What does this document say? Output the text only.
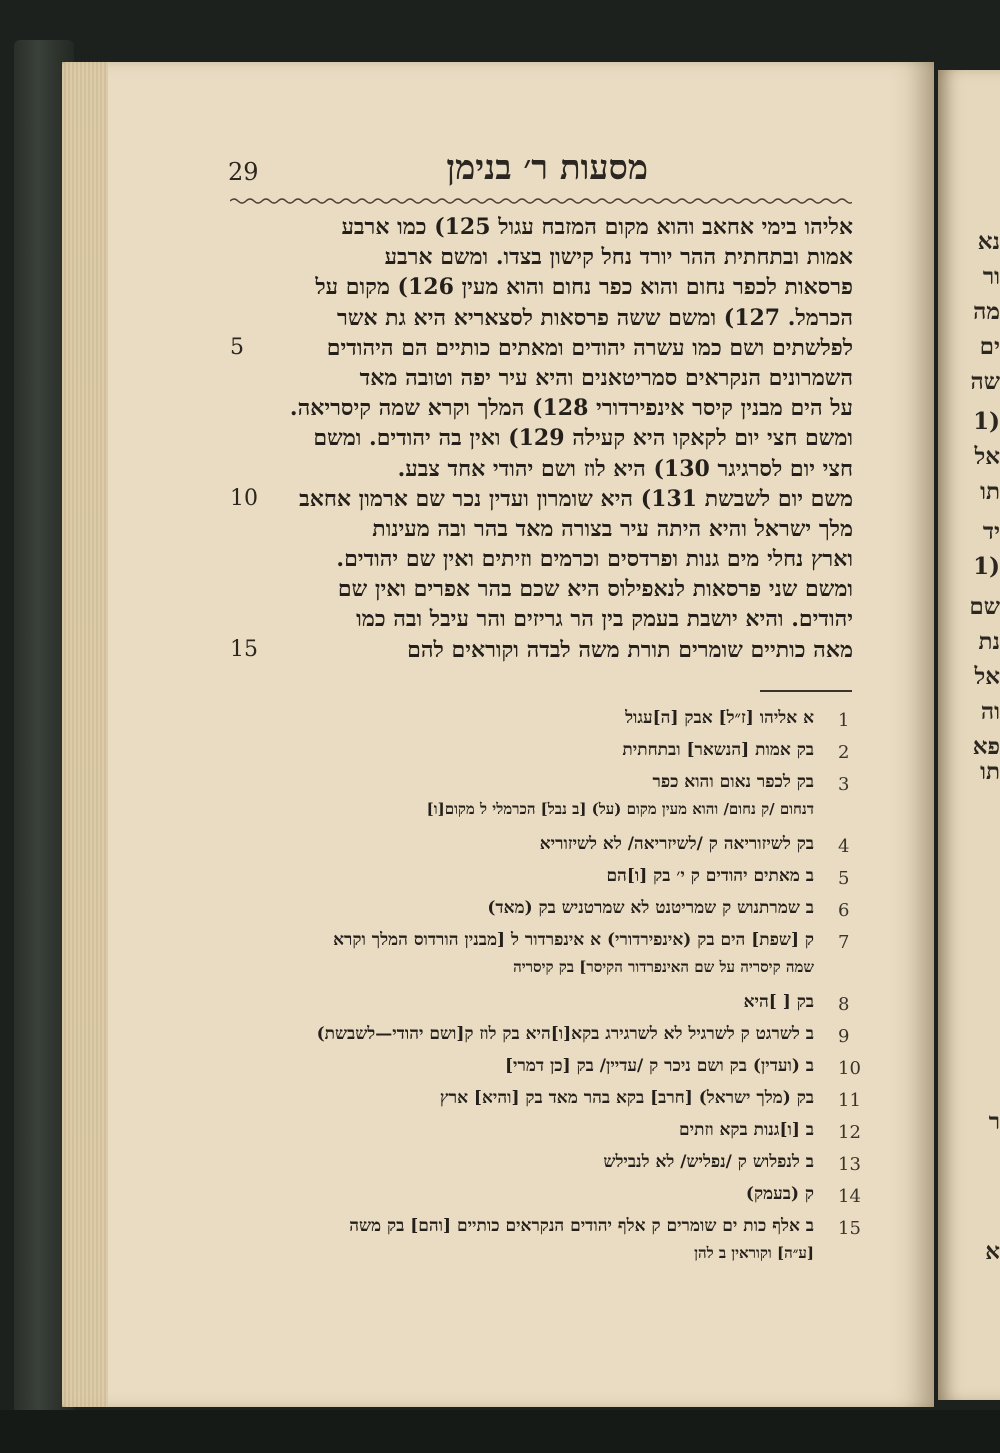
נא
ור
מה
ים
שה
(1
אל
תו
יד
(1
שם
נת
אל
וה
פא
תו
ר
א
29	מסעות ר׳ בנימן
אליהו בימי אחאב והוא מקום המזבח עגול 125) כמו ארבע
אמות ובתחתית ההר יורד נחל קישון בצדו. ומשם ארבע
פרסאות לכפר נחום והוא כפר נחום והוא מעין 126) מקום על
הכרמל. 127) ומשם ששה פרסאות לסצאריא היא גת אשר
לפלשתים ושם כמו עשרה יהודים ומאתים כותיים הם היהודים
השמרונים הנקראים סמריטאנים והיא עיר יפה וטובה מאד
על הים מבנין קיסר אינפירדורי 128) המלך וקרא שמה קיסריאה.
ומשם חצי יום לקאקו היא קעילה 129) ואין בה יהודים. ומשם
חצי יום לסרגיגר 130) היא לוז ושם יהודי אחד צבע.
משם יום לשבשת 131) היא שומרון ועדין נכר שם ארמון אחאב
מלך ישראל והיא היתה עיר בצורה מאד בהר ובה מעינות
וארץ נחלי מים גנות ופרדסים וכרמים וזיתים ואין שם יהודים.
ומשם שני פרסאות לנאפילוס היא שכם בהר אפרים ואין שם
יהודים. והיא יושבת בעמק בין הר גריזים והר עיבל ובה כמו
מאה כותיים שומרים תורת משה לבדה וקוראים להם
5
10
15
1
א אליהו [ז״ל] אבק [ה]עגול
2
בק אמות [הנשאר] ובתחתית
3
בק לכפר נאום והוא כפר
דנחום /ק נחום/ והוא מעין מקום (על) [ב נבל] הכרמלי ל מקום[ו]
4
בק לשיזוריאה ק /לשיזריאה/ לא לשיזוריא
5
ב מאתים יהודים ק י׳ בק [ו]הם
6
ב שמרתנוש ק שמריטנט לא שמרטניש בק (מאד)
7
ק [שפת] הים בק (אינפירדורי) א אינפרדור ל [מבנין הורדוס המלך וקרא
שמה קיסריה על שם האינפרדור הקיסר] בק קיסריה
8
בק [ ]היא
9
ב לשרגט ק לשרגיל לא לשרגירג בקא[ו]היא בק לוז ק[ושם יהודי—לשבשת)
10
ב (ועדין) בק ושם ניכר ק /עדיין/ בק [כן דמרי]
11
בק (מלך ישראל) [חרב] בקא בהר מאד בק [והיא] ארץ
12
ב [ו]גנות בקא וזתים
13
ב לנפלוש ק /נפליש/ לא לנבילש
14
ק (בעמק)
15
ב אלף כות ים שומרים ק אלף יהודים הנקראים כותיים [והם] בק משה
[ע״ה] וקוראין ב להן
